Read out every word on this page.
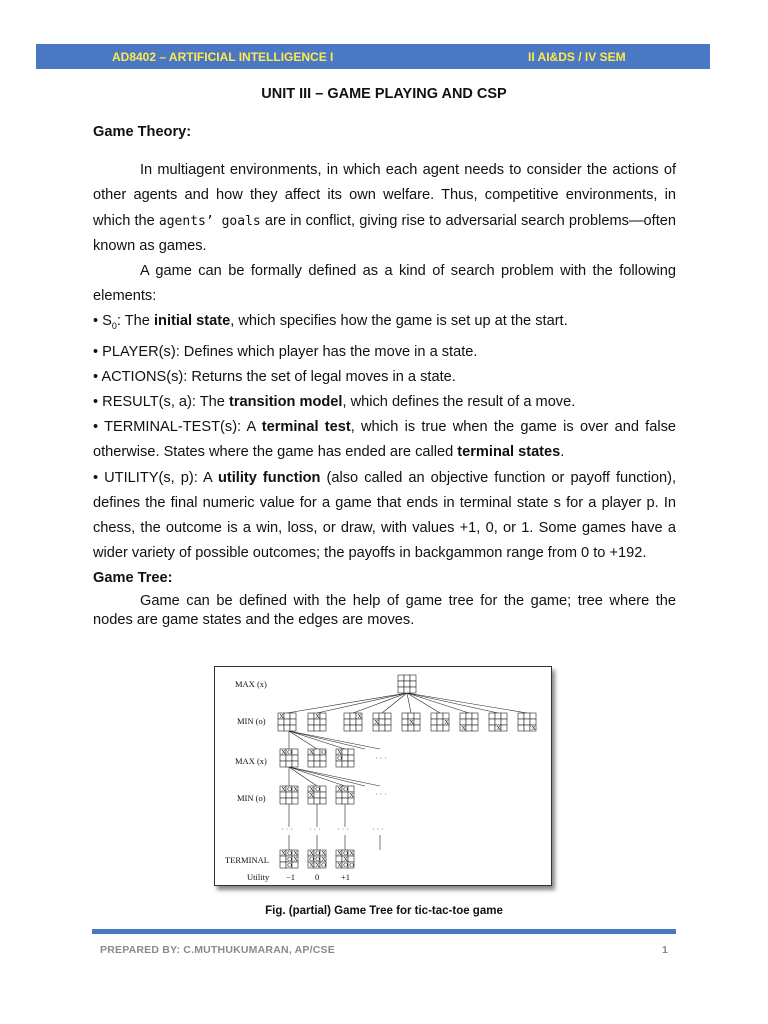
AD8402 – ARTIFICIAL INTELLIGENCE I	II AI&DS / IV SEM
UNIT III – GAME PLAYING AND CSP
Game Theory:

In multiagent environments, in which each agent needs to consider the actions of other agents and how they affect its own welfare. Thus, competitive environments, in which the agents’ goals are in conflict, giving rise to adversarial search problems—often known as games.

A game can be formally defined as a kind of search problem with the following elements:

• $S_0$: The initial state, which specifies how the game is set up at the start.

• PLAYER(s): Defines which player has the move in a state.

• ACTIONS(s): Returns the set of legal moves in a state.

• RESULT(s, a): The transition model, which defines the result of a move.

• TERMINAL-TEST(s): A terminal test, which is true when the game is over and false otherwise. States where the game has ended are called terminal states.

• UTILITY(s, p): A utility function (also called an objective function or payoff function), defines the final numeric value for a game that ends in terminal state s for a player p. In chess, the outcome is a win, loss, or draw, with values +1, 0, or 1. Some games have a wider variety of possible outcomes; the payoffs in backgammon range from 0 to +192.

Game Tree:

Game can be defined with the help of game tree for the game; tree where the nodes are game states and the edges are moves.

MAX (x)
MIN (o)
MAX (x)
MIN (o)
TERMINAL
Utility −1 0	+1
· · ·
· · ·
· · · · · · · · ·	· · ·
X	X	X
X	X	X
X	X	X
X O	X O X
O
X O X X O
X
X O
X
X O X
O X
O
X O X
O O X
X X O
X O X
X
X O O
Fig. (partial) Game Tree for tic-tac-toe game
PREPARED BY: C.MUTHUKUMARAN, AP/CSE	1
